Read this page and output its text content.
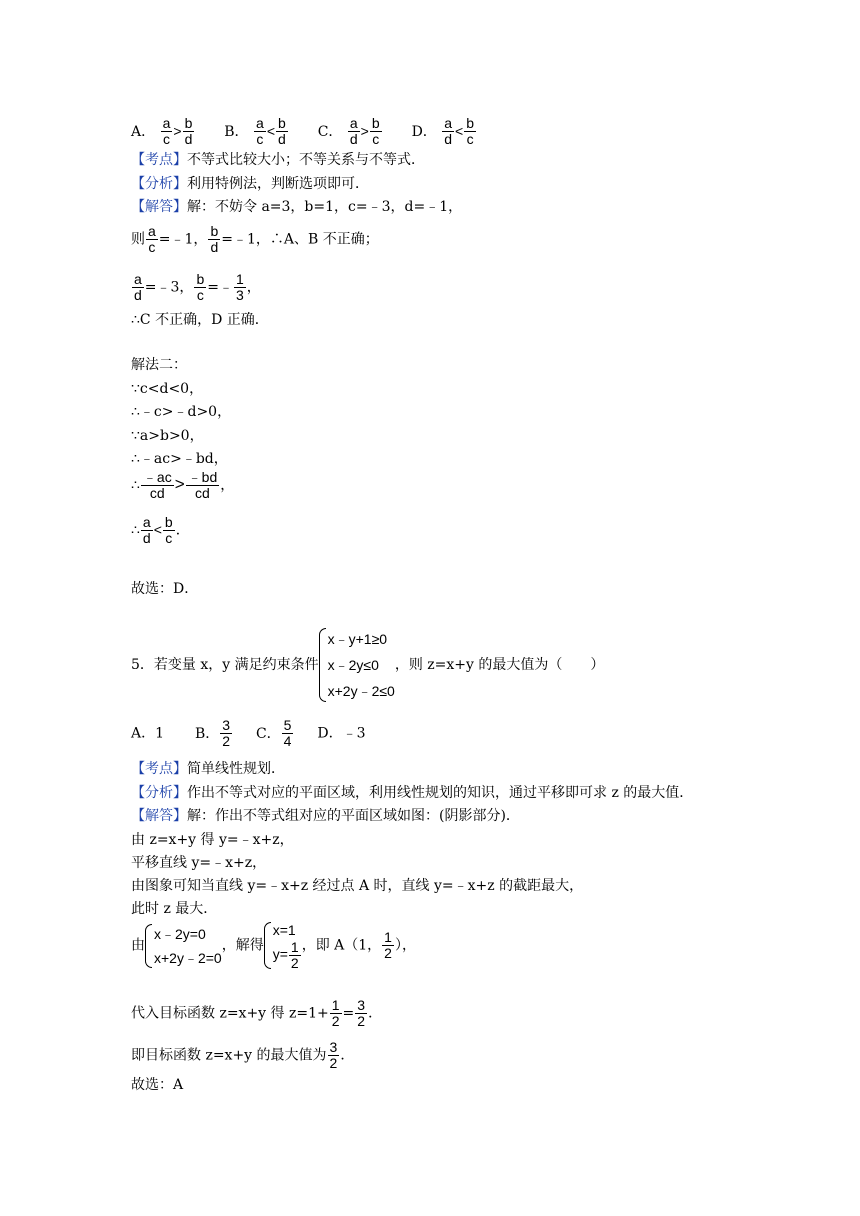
A． $\frac{a}{c} > \frac{b}{d}$ B． $\frac{a}{c} < \frac{b}{d}$ C． $\frac{a}{d} > \frac{b}{c}$ D． $\frac{a}{d} < \frac{b}{c}$
【考点】不等式比较大小；不等关系与不等式．
【分析】利用特例法，判断选项即可．
【解答】解：不妨令 a=3，b=1，c=﹣3，d=﹣1，
则 $\frac{a}{c}$ =﹣1， $\frac{b}{d}$ =﹣1，∴A、B 不正确；
$\frac{a}{d}$ =﹣3， $\frac{b}{c}$ =﹣ $\frac{1}{3}$ ，
∴C 不正确，D 正确．
解法二：
∵c<d<0，
∴﹣c>﹣d>0，
∵a>b>0，
∴﹣ac>﹣bd，
∴ $\frac{﹣ac}{cd} > \frac{﹣bd}{cd}$ ，
∴ $\frac{a}{d} < \frac{b}{c}$ ．
故选：D．
5．若变量 x，y 满足约束条件
x﹣y+1≥0
x﹣2y≤0
x+2y﹣2≤0
，则 z=x+y 的最大值为（　　）
A．1 B． $\frac{3}{2}$ C． $\frac{5}{4}$ D．﹣3
【考点】简单线性规划．
【分析】作出不等式对应的平面区域，利用线性规划的知识，通过平移即可求 z 的最大值．
【解答】解：作出不等式组对应的平面区域如图：(阴影部分)．
由 z=x+y 得 y=﹣x+z，
平移直线 y=﹣x+z，
由图象可知当直线 y=﹣x+z 经过点 A 时，直线 y=﹣x+z 的截距最大，
此时 z 最大．
由
x﹣2y=0
x+2y﹣2=0
，解得
x=1
$y= \frac{1}{2}$ ，即 A（1， $\frac{1}{2}$ ），
代入目标函数 z=x+y 得 $z=1+ \frac{1}{2} = \frac{3}{2}$ ．
即目标函数 z=x+y 的最大值为 $\frac{3}{2}$ ．
故选：A
